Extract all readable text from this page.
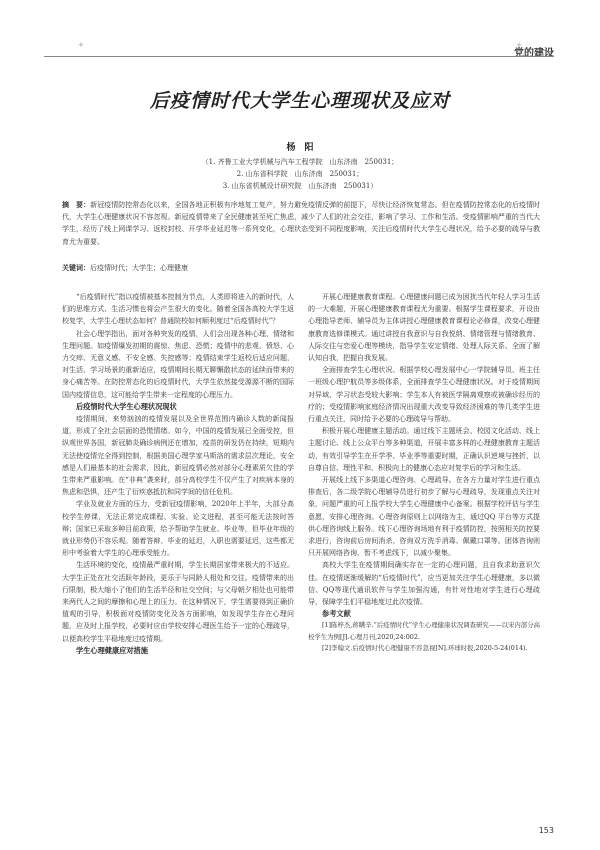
+	+
党的建设
后疫情时代大学生心理现状及应对
杨　阳
（1. 齐鲁工业大学机械与汽车工程学院　山东济南　250031；
2. 山东省科学院　山东济南　250031；
3. 山东省机械设计研究院　山东济南　250031）

摘　要：新冠疫情防控常态化以来，全国各地正积极有序地复工复产，努力避免疫情反弹的前提下，尽快让经济恢复常态。但在疫情防控常态化的后疫情时代，大学生心理健康状况不容忽视。新冠疫情带来了全民健康甚至死亡焦虑，减少了人们的社会交往，影响了学习、工作和生活。受疫情影响严重的当代大学生，经历了线上网课学习、返校封校、开学毕业延迟等一系列变化，心理状态受到不同程度影响，关注后疫情时代大学生心理状况，给予必要的疏导与教育尤为重要。

关键词：后疫情时代；大学生；心理健康

“后疫情时代”指以疫情被基本控制为节点，人类即将进入的新时代，人们的思维方式、生活习惯也将会产生很大的变化。随着全国各高校大学生返校复学，大学生心理状态如何？普通院校如何顺利度过“后疫情时代”？

社会心理学指出，面对各种突发的疫情，人们会出现各种心理、情绪和生理问题。如疫情爆发初期的震惊、焦虑、恐慌；疫情中的悲观、愤怒、心力交瘁、无意义感、不安全感、失控感等；疫情结束学生返校后适应问题，对生活、学习场景的重新适应，疫情期间长期无聊懈散状态的延续而带来的身心痛苦等。在防控常态化的后疫情时代，大学生依然接受源源不断的国际国内疫情信息，这可能给学生带来一定程度的心理压力。

后疫情时代大学生心理状况现状

疫情期间，来势汹汹的疫情发展以及全世界范围内确诊人数的新闻报道，形成了全社会层面的恐慌情绪。如今，中国的疫情发展已全面受控，但纵观世界各国，新冠肺炎确诊病例还在增加，疫苗的研发仍在持续，短期内无法使疫情完全得到控制，根据美国心理学家马斯洛的需求层次理论，安全感是人们最基本的社会需求，因此，新冠疫情必然对部分心理素质欠佳的学生带来严重影响。在“非典”袭来时，部分高校学生不仅产生了对疾病本身的焦虑和恐惧，还产生了衍疾惑抵抗和同学间的信任危机。

学业及就业方面的压力，受新冠疫情影响，2020年上半年，大部分高校学生停课，无法正常完成课程、实验、论文进程，甚至可能无法按时答辩；国家已采取多种目前政策，给予帮助学生就业、毕业等，但毕业年级的就业形势仍不容乐观。随着答辩、毕业的延迟，入职也需要延迟，这些都无形中考验着大学生的心理承受能力。

生活环境的变化，疫情最严重时期，学生长期居家带来极大的不适应。大学生正处在社交活跃年龄段，更乐于与同龄人相处和交往。疫情带来的出行限制，极大缩小了他们的生活半径和社交空间；与父母朝夕相处也可能带来两代人之间的摩擦和心理上的压力。在这种情况下，学生需要得到正确价值观的引导，积极面对疫情防变化及各方面影响，如发现学生存在心理问题，应及时上报学校，必要时应由学校安排心理医生给予一定的心理疏导，以便高校学生平稳地度过疫情期。

学生心理健康应对措施

开展心理健康教育课程。心理健康问题已成为困扰当代年轻人学习生活的一大难题，开展心理健康教育课程尤为重要。根据学生课程要求，开设由心理指导老师、辅导员为主体讲授心理健康教育课程论必修课，改变心理健康教育选修课模式。通过讲授自我意识与自我悦纳、情绪管理与情绪教育、人际交往与恋爱心理等模块，指导学生安定情绪、处理人际关系、全面了解认知自我，把握自我发展。

全面排查学生心理状况。根据学校心理发展中心一学院辅导员、班主任一班级心理护航员等多级体系，全面排查学生心理健康状况。对于疫情期间对异域、学习状态受较大影响；学生本人有被医学隔离观察或被确诊经历的疗的；受疫情影响家庭经济情况出现重大改变导致经济困难的等几类学生进行重点关注，同时给予必要的心理疏导与帮助。

积极开展心理健康主题活动。通过线下主题班会、校园文化活动、线上主题讨论、线上公众平台等多种渠道，开展丰富多样的心理健康教育主题活动，有效引导学生在开学季、毕业季等重要时期，正确认识逆境与挫折，以自尊自信、理性平和、积极向上的健康心态应对复学后的学习和生活。

开展线上线下多渠道心理咨询、心理疏导。在各方力量对学生进行重点排查后，各二级学院心理辅导员进行初步了解与心理疏导，发现重点关注对象，问题严重的可上报学校大学生心理健康中心备案。根据学校评估与学生意愿，安排心理咨询。心理咨询原则上以网络为主，通过QQ 平台等方式提供心理咨询线上服务。线下心理咨询场地有利于疫情防控，按照相关防控要求进行，咨询前后房间消杀、咨询双方洗手消毒、佩戴口罩等。团体咨询则只开展网络咨询，暂不考虑线下，以减少聚集。

高校大学生在疫情期间确实存在一定的心理问题，且自我求助意识欠佳。在疫情逐渐缓解的“后疫情时代”，应当更加关注学生心理健康，多以微信、QQ等现代通讯软件与学生加强沟通，有针对性地对学生进行心理疏导，保障学生们平稳地度过此次疫情。

参考文献

[1]陈梓杰,蒋瞒辛.“后疫情时代”学生心理健康状况调查研究——以宋内部分高校学生为例[J].心理月刊,2020,24:002.

[2]李翰文.后疫情时代心理健康不容忽视[N].环球时报,2020-5-24(014).

153
